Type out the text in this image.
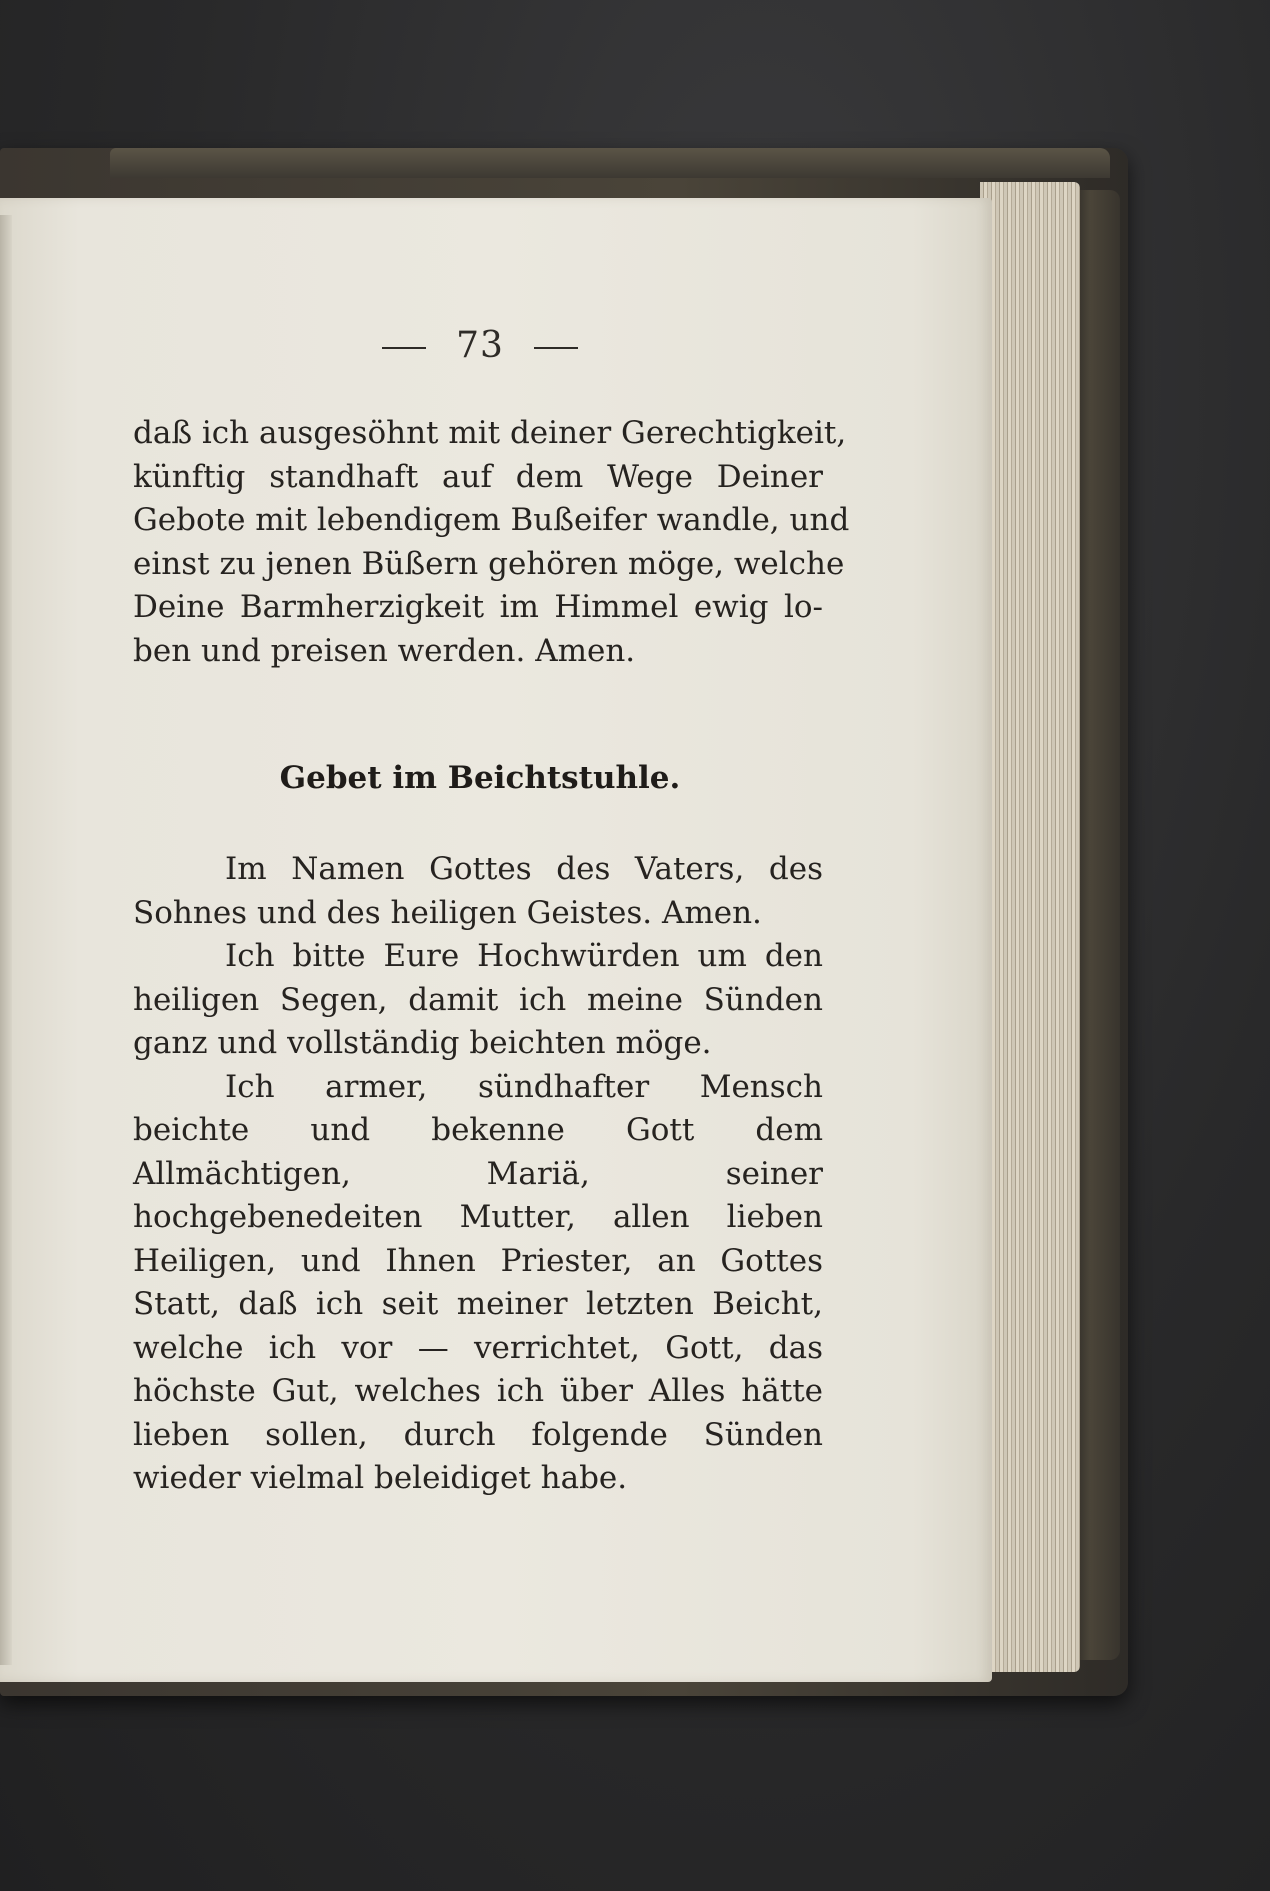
73
daß ich ausgesöhnt mit deiner Gerechtigkeit,
künftig standhaft auf dem Wege Deiner
Gebote mit lebendigem Bußeifer wandle, und
einst zu jenen Büßern gehören möge, welche
Deine Barmherzigkeit im Himmel ewig lo-
ben und preisen werden. Amen.
Gebet im Beichtstuhle.

Im Namen Gottes des Vaters, des Sohnes und des heiligen Geistes. Amen.

Ich bitte Eure Hochwürden um den heiligen Segen, damit ich meine Sünden ganz und vollständig beichten möge.

Ich armer, sündhafter Mensch beichte und bekenne Gott dem Allmächtigen, Mariä, seiner hochgebenedeiten Mutter, allen lieben Heiligen, und Ihnen Priester, an Gottes Statt, daß ich seit meiner letzten Beicht, welche ich vor — verrichtet, Gott, das höchste Gut, welches ich über Alles hätte lieben sollen, durch folgende Sünden wieder vielmal beleidiget habe.
